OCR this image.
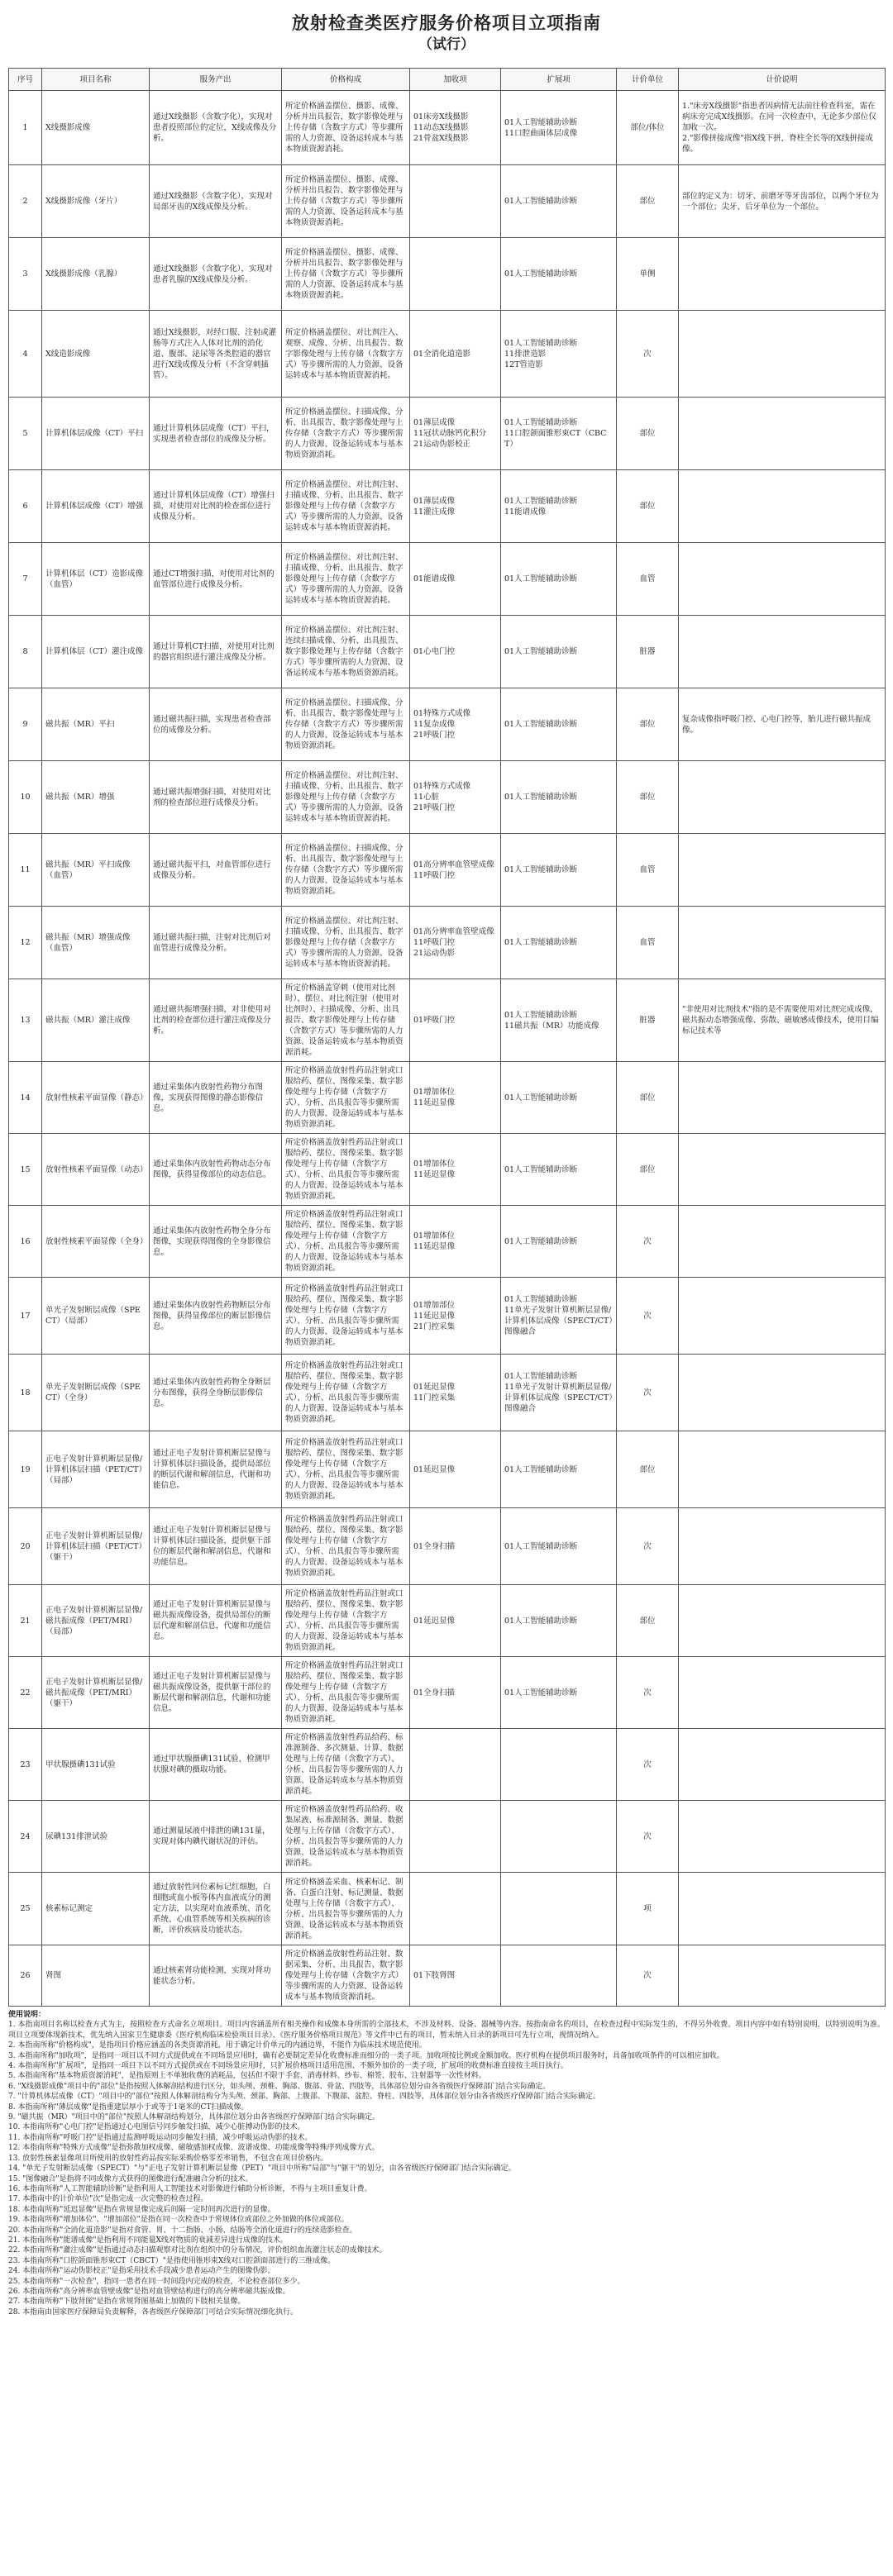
放射检查类医疗服务价格项目立项指南
（试行）
序号	项目名称	服务产出	价格构成	加收项	扩展项	计价单位	计价说明
1	X线摄影成像	通过X线摄影（含数字化），实现对患者投照部位的定位，X线成像及分析。	所定价格涵盖摆位、摄影、成像、分析并出具报告、数字影像处理与上传存储（含数字方式）等步骤所需的人力资源、设备运转成本与基本物质资源消耗。	01床旁X线摄影
11动态X线摄影
21骨盆X线摄影	01人工智能辅助诊断
11口腔曲面体层成像	部位/体位	1."床旁X线摄影"指患者因病情无法前往检查科室，需在病床旁完成X线摄影。在同一次检查中，无论多少部位仅加收一次。
2."影像拼接成像"指X线下拼，脊柱全长等的X线拼接成像。
2	X线摄影成像（牙片）	通过X线摄影（含数字化），实现对局部牙齿的X线成像及分析。	所定价格涵盖摆位、摄影、成像、分析并出具报告、数字影像处理与上传存储（含数字方式）等步骤所需的人力资源、设备运转成本与基本物质资源消耗。		01人工智能辅助诊断	部位	部位的定义为：切牙、前磨牙等牙齿部位，以两个牙位为一个部位；尖牙、后牙单位为一个部位。
3	X线摄影成像（乳腺）	通过X线摄影（含数字化），实现对患者乳腺的X线成像及分析。	所定价格涵盖摆位、摄影、成像、分析并出具报告、数字影像处理与上传存储（含数字方式）等步骤所需的人力资源、设备运转成本与基本物质资源消耗。		01人工智能辅助诊断	单侧	
4	X线造影成像	通过X线摄影，对经口服、注射或灌肠等方式注入人体对比剂的消化道、腹部、泌尿等各类腔道的器官进行X线成像及分析（不含穿刺插管）。	所定价格涵盖摆位、对比剂注入、观察、成像、分析、出具报告、数字影像处理与上传存储（含数字方式）等步骤所需的人力资源、设备运转成本与基本物质资源消耗。	01全消化道造影	01人工智能辅助诊断
11排泄造影
12T管造影	次	
5	计算机体层成像（CT）平扫	通过计算机体层成像（CT）平扫，实现患者检查部位的成像及分析。	所定价格涵盖摆位、扫描成像、分析、出具报告、数字影像处理与上传存储（含数字方式）等步骤所需的人力资源、设备运转成本与基本物质资源消耗。	01薄层成像
11冠状动脉钙化积分
21运动伪影校正	01人工智能辅助诊断
11口腔颌面锥形束CT（CBCT）	部位	
6	计算机体层成像（CT）增强	通过计算机体层成像（CT）增强扫描，对使用对比剂的检查部位进行成像及分析。	所定价格涵盖摆位、对比剂注射、扫描成像、分析、出具报告、数字影像处理与上传存储（含数字方式）等步骤所需的人力资源、设备运转成本与基本物质资源消耗。	01薄层成像
11灌注成像	01人工智能辅助诊断
11能谱成像	部位	
7	计算机体层（CT）造影成像（血管）	通过CT增强扫描，对使用对比剂的血管部位进行成像及分析。	所定价格涵盖摆位、对比剂注射、扫描成像、分析、出具报告、数字影像处理与上传存储（含数字方式）等步骤所需的人力资源、设备运转成本与基本物质资源消耗。	01能谱成像	01人工智能辅助诊断	血管	
8	计算机体层（CT）灌注成像	通过计算机CT扫描，对使用对比剂的器官组织进行灌注成像及分析。	所定价格涵盖摆位、对比剂注射、连续扫描成像、分析、出具报告、数字影像处理与上传存储（含数字方式）等步骤所需的人力资源、设备运转成本与基本物质资源消耗。	01心电门控	01人工智能辅助诊断	脏器	
9	磁共振（MR）平扫	通过磁共振扫描，实现患者检查部位的成像及分析。	所定价格涵盖摆位、扫描成像、分析、出具报告、数字影像处理与上传存储（含数字方式）等步骤所需的人力资源、设备运转成本与基本物质资源消耗。	01特殊方式成像
11复杂成像
21呼吸门控	01人工智能辅助诊断	部位	复杂成像指呼吸门控、心电门控等，胎儿进行磁共振成像。
10	磁共振（MR）增强	通过磁共振增强扫描，对使用对比剂的检查部位进行成像及分析。	所定价格涵盖摆位、对比剂注射、扫描成像、分析、出具报告、数字影像处理与上传存储（含数字方式）等步骤所需的人力资源、设备运转成本与基本物质资源消耗。	01特殊方式成像
11心脏
21呼吸门控	01人工智能辅助诊断	部位	
11	磁共振（MR）平扫成像（血管）	通过磁共振平扫，对血管部位进行成像及分析。	所定价格涵盖摆位、扫描成像、分析、出具报告、数字影像处理与上传存储（含数字方式）等步骤所需的人力资源、设备运转成本与基本物质资源消耗。	01高分辨率血管壁成像
11呼吸门控	01人工智能辅助诊断	血管	
12	磁共振（MR）增强成像（血管）	通过磁共振扫描，注射对比剂后对血管进行成像及分析。	所定价格涵盖摆位、对比剂注射、扫描成像、分析、出具报告、数字影像处理与上传存储（含数字方式）等步骤所需的人力资源、设备运转成本与基本物质资源消耗。	01高分辨率血管壁成像
11呼吸门控
21运动伪影	01人工智能辅助诊断	血管	
13	磁共振（MR）灌注成像	通过磁共振增强扫描，对非使用对比剂的检查部位进行灌注成像及分析。	所定价格涵盖穿刺（使用对比剂时）、摆位、对比剂注射（使用对比剂时）、扫描成像、分析、出具报告、数字影像处理与上传存储（含数字方式）等步骤所需的人力资源、设备运转成本与基本物质资源消耗。	01呼吸门控	01人工智能辅助诊断
11磁共振（MR）功能成像	脏器	"非使用对比剂技术"指的是不需要使用对比剂完成成像，磁共振动态增强成像、弥散、磁敏感成像技术，使用目编标记技术等
14	放射性核素平面显像（静态）	通过采集体内放射性药物分布图像，实现获得图像的静态影像信息。	所定价格涵盖放射性药品注射或口服给药、摆位、图像采集、数字影像处理与上传存储（含数字方式）、分析、出具报告等步骤所需的人力资源、设备运转成本与基本物质资源消耗。	01增加体位
11延迟显像	01人工智能辅助诊断	部位	
15	放射性核素平面显像（动态）	通过采集体内放射性药物动态分布图像，获得显像部位的动态信息。	所定价格涵盖放射性药品注射或口服给药、摆位、图像采集、数字影像处理与上传存储（含数字方式）、分析、出具报告等步骤所需的人力资源、设备运转成本与基本物质资源消耗。	01增加体位
11延迟显像	01人工智能辅助诊断	部位	
16	放射性核素平面显像（全身）	通过采集体内放射性药物全身分布图像，实现获得图像的全身影像信息。	所定价格涵盖放射性药品注射或口服给药、摆位、图像采集、数字影像处理与上传存储（含数字方式）、分析、出具报告等步骤所需的人力资源、设备运转成本与基本物质资源消耗。	01增加体位
11延迟显像	01人工智能辅助诊断	次	
17	单光子发射断层成像（SPECT）（局部）	通过采集体内放射性药物断层分布图像，获得显像部位的断层影像信息。	所定价格涵盖放射性药品注射或口服给药、摆位、图像采集、数字影像处理与上传存储（含数字方式）、分析、出具报告等步骤所需的人力资源、设备运转成本与基本物质资源消耗。	01增加部位
11延迟显像
21门控采集	01人工智能辅助诊断
11单光子发射计算机断层显像/计算机体层成像（SPECT/CT）图像融合	次	
18	单光子发射断层成像（SPECT）（全身）	通过采集体内放射性药物全身断层分布图像，获得全身断层影像信息。	所定价格涵盖放射性药品注射或口服给药、摆位、图像采集、数字影像处理与上传存储（含数字方式）、分析、出具报告等步骤所需的人力资源、设备运转成本与基本物质资源消耗。	01延迟显像
11门控采集	01人工智能辅助诊断
11单光子发射计算机断层显像/计算机体层成像（SPECT/CT）图像融合	次	
19	正电子发射计算机断层显像/计算机体层扫描（PET/CT）（局部）	通过正电子发射计算机断层显像与计算机体层扫描设备，提供局部位的断层代谢和解剖信息，代谢和功能信息。	所定价格涵盖放射性药品注射或口服给药、摆位、图像采集、数字影像处理与上传存储（含数字方式）、分析、出具报告等步骤所需的人力资源、设备运转成本与基本物质资源消耗。	01延迟显像	01人工智能辅助诊断	部位	
20	正电子发射计算机断层显像/计算机体层扫描（PET/CT）（躯干）	通过正电子发射计算机断层显像与计算机体层扫描设备，提供躯干部位的断层代谢和解剖信息，代谢和功能信息。	所定价格涵盖放射性药品注射或口服给药、摆位、图像采集、数字影像处理与上传存储（含数字方式）、分析、出具报告等步骤所需的人力资源、设备运转成本与基本物质资源消耗。	01全身扫描	01人工智能辅助诊断	次	
21	正电子发射计算机断层显像/磁共振成像（PET/MRI）（局部）	通过正电子发射计算机断层显像与磁共振成像设备，提供局部位的断层代谢和解剖信息，代谢和功能信息。	所定价格涵盖放射性药品注射或口服给药、摆位、图像采集、数字影像处理与上传存储（含数字方式）、分析、出具报告等步骤所需的人力资源、设备运转成本与基本物质资源消耗。	01延迟显像	01人工智能辅助诊断	部位	
22	正电子发射计算机断层显像/磁共振成像（PET/MRI）（躯干）	通过正电子发射计算机断层显像与磁共振成像设备，提供躯干部位的断层代谢和解剖信息，代谢和功能信息。	所定价格涵盖放射性药品注射或口服给药、摆位、图像采集、数字影像处理与上传存储（含数字方式）、分析、出具报告等步骤所需的人力资源、设备运转成本与基本物质资源消耗。	01全身扫描	01人工智能辅助诊断	次	
23	甲状腺摄碘131试验	通过甲状腺摄碘131试验，检测甲状腺对碘的摄取功能。	所定价格涵盖放射性药品给药、标准源制备、多次测量、计算、数据处理与上传存储（含数字方式）、分析、出具报告等步骤所需的人力资源、设备运转成本与基本物质资源消耗。			次	
24	尿碘131排泄试验	通过测量尿液中排泄的碘131量，实现对体内碘代谢状况的评估。	所定价格涵盖放射性药品给药、收集尿液、标准源制备、测量、数据处理与上传存储（含数字方式）、分析、出具报告等步骤所需的人力资源、设备运转成本与基本物质资源消耗。			次	
25	核素标记测定	通过放射性同位素标记红细胞，白细胞或血小板等体内血液成分的测定方法，以实现对血液系统、消化系统、心血管系统等相关疾病的诊断，评价疾病及功能状态。	所定价格涵盖采血、核素标记、制备、白蛋白注射、标记测量、数据处理与上传存储（含数字方式）、分析、出具报告等步骤所需的人力资源、设备运转成本与基本物质资源消耗。			项	
26	肾图	通过核素肾功能检测，实现对肾功能状态分析。	所定价格涵盖放射性药品注射、数据采集、分析、出具报告、数字影像处理与上传存储（含数字方式）等步骤所需的人力资源、设备运转成本与基本物质资源消耗。	01下肢肾图		次	

使用说明：

1. 本指南项目名称以检查方式为主，按照检查方式命名立项项目。项目内容涵盖所有相关操作和成像本身所需的全部技术，不涉及材料、设备、器械等内容。按指南命名的项目，在检查过程中实际发生的，不得另外收费。项目内容中如有特别说明，以特别说明为准。项目立项要体现新技术，优先纳入国家卫生健康委《医疗机构临床检验项目目录》、《医疗服务价格项目规范》等文件中已有的项目，暂未纳入目录的新项目可先行立项，视情况纳入。

2. 本指南所称"价格构成"，是指项目价格应涵盖的各类资源消耗，用于确定计价单元的内涵边界，不能作为临床技术规范使用。

3. 本指南所称"加收项"，是指同一项目以不同方式提供或在不同场景应用时，确有必要制定差异化收费标准而细分的一类子项。加收项按比例或金额加收。医疗机构在提供项目服务时，具备加收项条件的可以相应加收。

4. 本指南所称"扩展项"，是指同一项目下以不同方式提供或在不同场景应用时，只扩展价格项目适用范围、不额外加价的一类子项，扩展项的收费标准直接按主项目执行。

5. 本指南所称"基本物质资源消耗"，是指原则上不单独收费的消耗品，包括但不限于手套、消毒材料、纱布、棉签、胶布、注射器等一次性材料。

6. "X线摄影成像"项目中的"部位"是指按照人体解剖结构进行区分，如头颅、颈椎、胸部、腹部、骨盆、四肢等，具体部位划分由各省级医疗保障部门结合实际确定。

7. "计算机体层成像（CT）"项目中的"部位"按照人体解剖结构分为头颅、颈部、胸部、上腹部、下腹部、盆腔、脊柱、四肢等，具体部位划分由各省级医疗保障部门结合实际确定。

8. 本指南所称"薄层成像"是指重建层厚小于或等于1毫米的CT扫描成像。

9. "磁共振（MR）"项目中的"部位"按照人体解剖结构划分，具体部位划分由各省级医疗保障部门结合实际确定。

10. 本指南所称"心电门控"是指通过心电图信号同步触发扫描，减少心脏搏动伪影的技术。

11. 本指南所称"呼吸门控"是指通过监测呼吸运动同步触发扫描，减少呼吸运动伪影的技术。

12. 本指南所称"特殊方式成像"是指弥散加权成像、磁敏感加权成像、波谱成像、功能成像等特殊序列成像方式。

13. 放射性核素显像项目所使用的放射性药品按实际采购价格零差率销售，不包含在项目价格内。

14. "单光子发射断层成像（SPECT）"与"正电子发射计算机断层显像（PET）"项目中所称"局部"与"躯干"的划分，由各省级医疗保障部门结合实际确定。

15. "图像融合"是指将不同成像方式获得的图像进行配准融合分析的技术。

16. 本指南所称"人工智能辅助诊断"是指利用人工智能技术对影像进行辅助分析诊断，不得与主项目重复计费。

17. 本指南中的计价单位"次"是指完成一次完整的检查过程。

18. 本指南所称"延迟显像"是指在常规显像完成后间隔一定时间再次进行的显像。

19. 本指南所称"增加体位"、"增加部位"是指在同一次检查中于常规体位或部位之外加做的体位或部位。

20. 本指南所称"全消化道造影"是指对食管、胃、十二指肠、小肠、结肠等全消化道进行的连续造影检查。

21. 本指南所称"能谱成像"是指利用不同能量X线对物质的衰减差异进行成像的技术。

22. 本指南所称"灌注成像"是指通过动态扫描观察对比剂在组织中的分布情况，评价组织血流灌注状态的成像技术。

23. 本指南所称"口腔颌面锥形束CT（CBCT）"是指使用锥形束X线对口腔颌面部进行的三维成像。

24. 本指南所称"运动伪影校正"是指采用技术手段减少患者运动产生的图像伪影。

25. 本指南所称"一次检查"，指同一患者在同一时间段内完成的检查，不论检查部位多少。

26. 本指南所称"高分辨率血管壁成像"是指对血管壁结构进行的高分辨率磁共振成像。

27. 本指南所称"下肢肾图"是指在常规肾图基础上加做的下肢相关显像。

28. 本指南由国家医疗保障局负责解释，各省级医疗保障部门可结合实际情况细化执行。
